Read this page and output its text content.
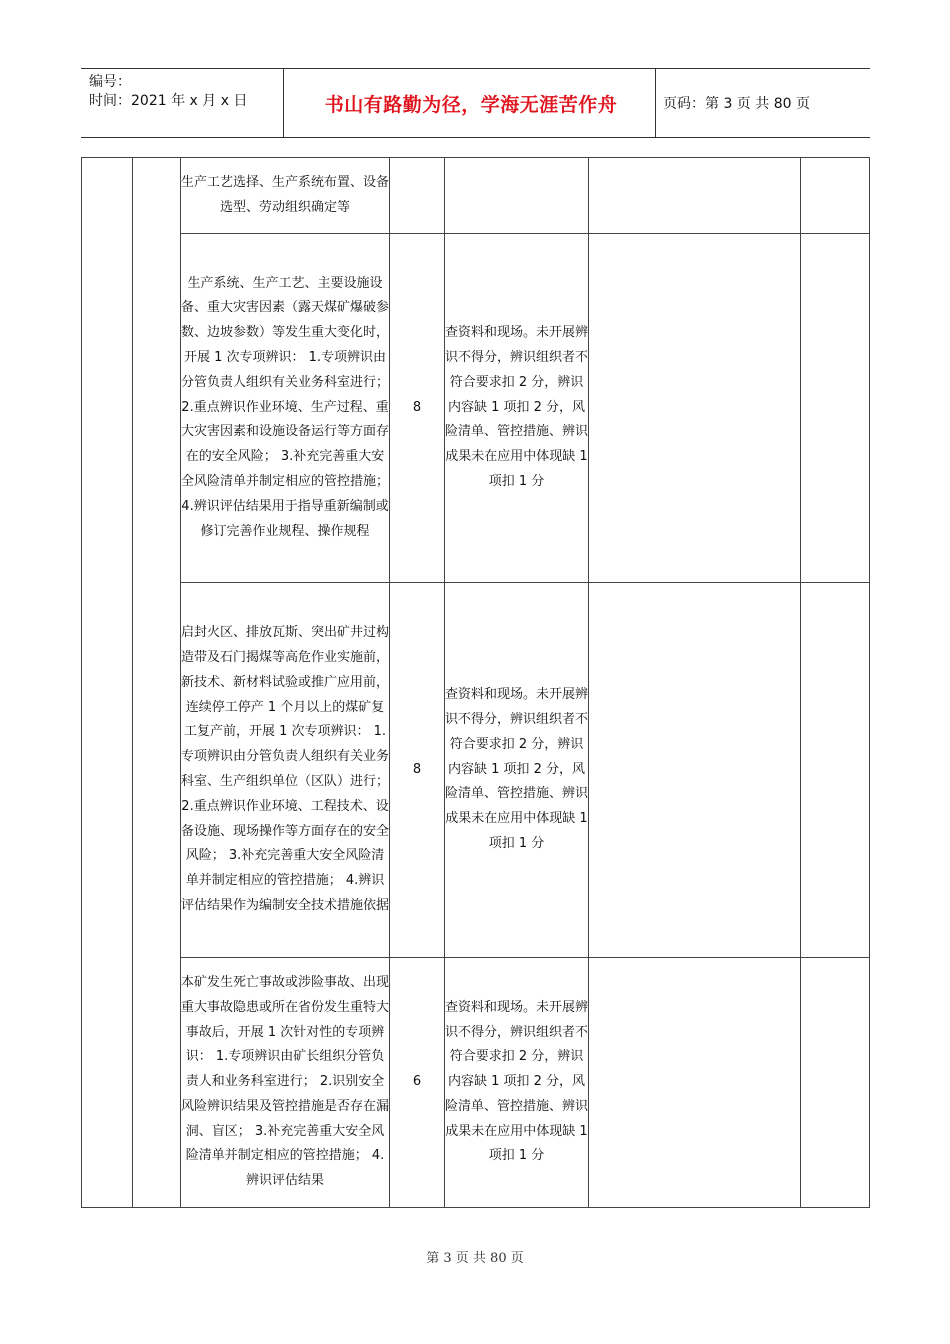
编号：
时间：2021 年 x 月 x 日	书山有路勤为径，学海无涯苦作舟	页码：第 3 页 共 80 页
		生产工艺选择、生产系统布置、设备选型、劳动组织确定等				
		生产系统、生产工艺、主要设施设备、重大灾害因素（露天煤矿爆破参数、边坡参数）等发生重大变化时，开展 1 次专项辨识： 1.专项辨识由分管负责人组织有关业务科室进行； 2.重点辨识作业环境、生产过程、重大灾害因素和设施设备运行等方面存在的安全风险； 3.补充完善重大安全风险清单并制定相应的管控措施； 4.辨识评估结果用于指导重新编制或修订完善作业规程、操作规程	8	查资料和现场。未开展辨识不得分，辨识组织者不符合要求扣 2 分，辨识内容缺 1 项扣 2 分，风险清单、管控措施、辨识成果未在应用中体现缺 1 项扣 1 分		
		启封火区、排放瓦斯、突出矿井过构造带及石门揭煤等高危作业实施前，新技术、新材料试验或推广应用前，连续停工停产 1 个月以上的煤矿复工复产前，开展 1 次专项辨识： 1.专项辨识由分管负责人组织有关业务科室、生产组织单位（区队）进行； 2.重点辨识作业环境、工程技术、设备设施、现场操作等方面存在的安全风险； 3.补充完善重大安全风险清单并制定相应的管控措施； 4.辨识评估结果作为编制安全技术措施依据	8	查资料和现场。未开展辨识不得分，辨识组织者不符合要求扣 2 分，辨识内容缺 1 项扣 2 分，风险清单、管控措施、辨识成果未在应用中体现缺 1 项扣 1 分		
		本矿发生死亡事故或涉险事故、出现重大事故隐患或所在省份发生重特大事故后，开展 1 次针对性的专项辨识： 1.专项辨识由矿长组织分管负责人和业务科室进行； 2.识别安全风险辨识结果及管控措施是否存在漏洞、盲区； 3.补充完善重大安全风险清单并制定相应的管控措施； 4.辨识评估结果	6	查资料和现场。未开展辨识不得分，辨识组织者不符合要求扣 2 分，辨识内容缺 1 项扣 2 分，风险清单、管控措施、辨识成果未在应用中体现缺 1 项扣 1 分		
第 3 页 共 80 页
